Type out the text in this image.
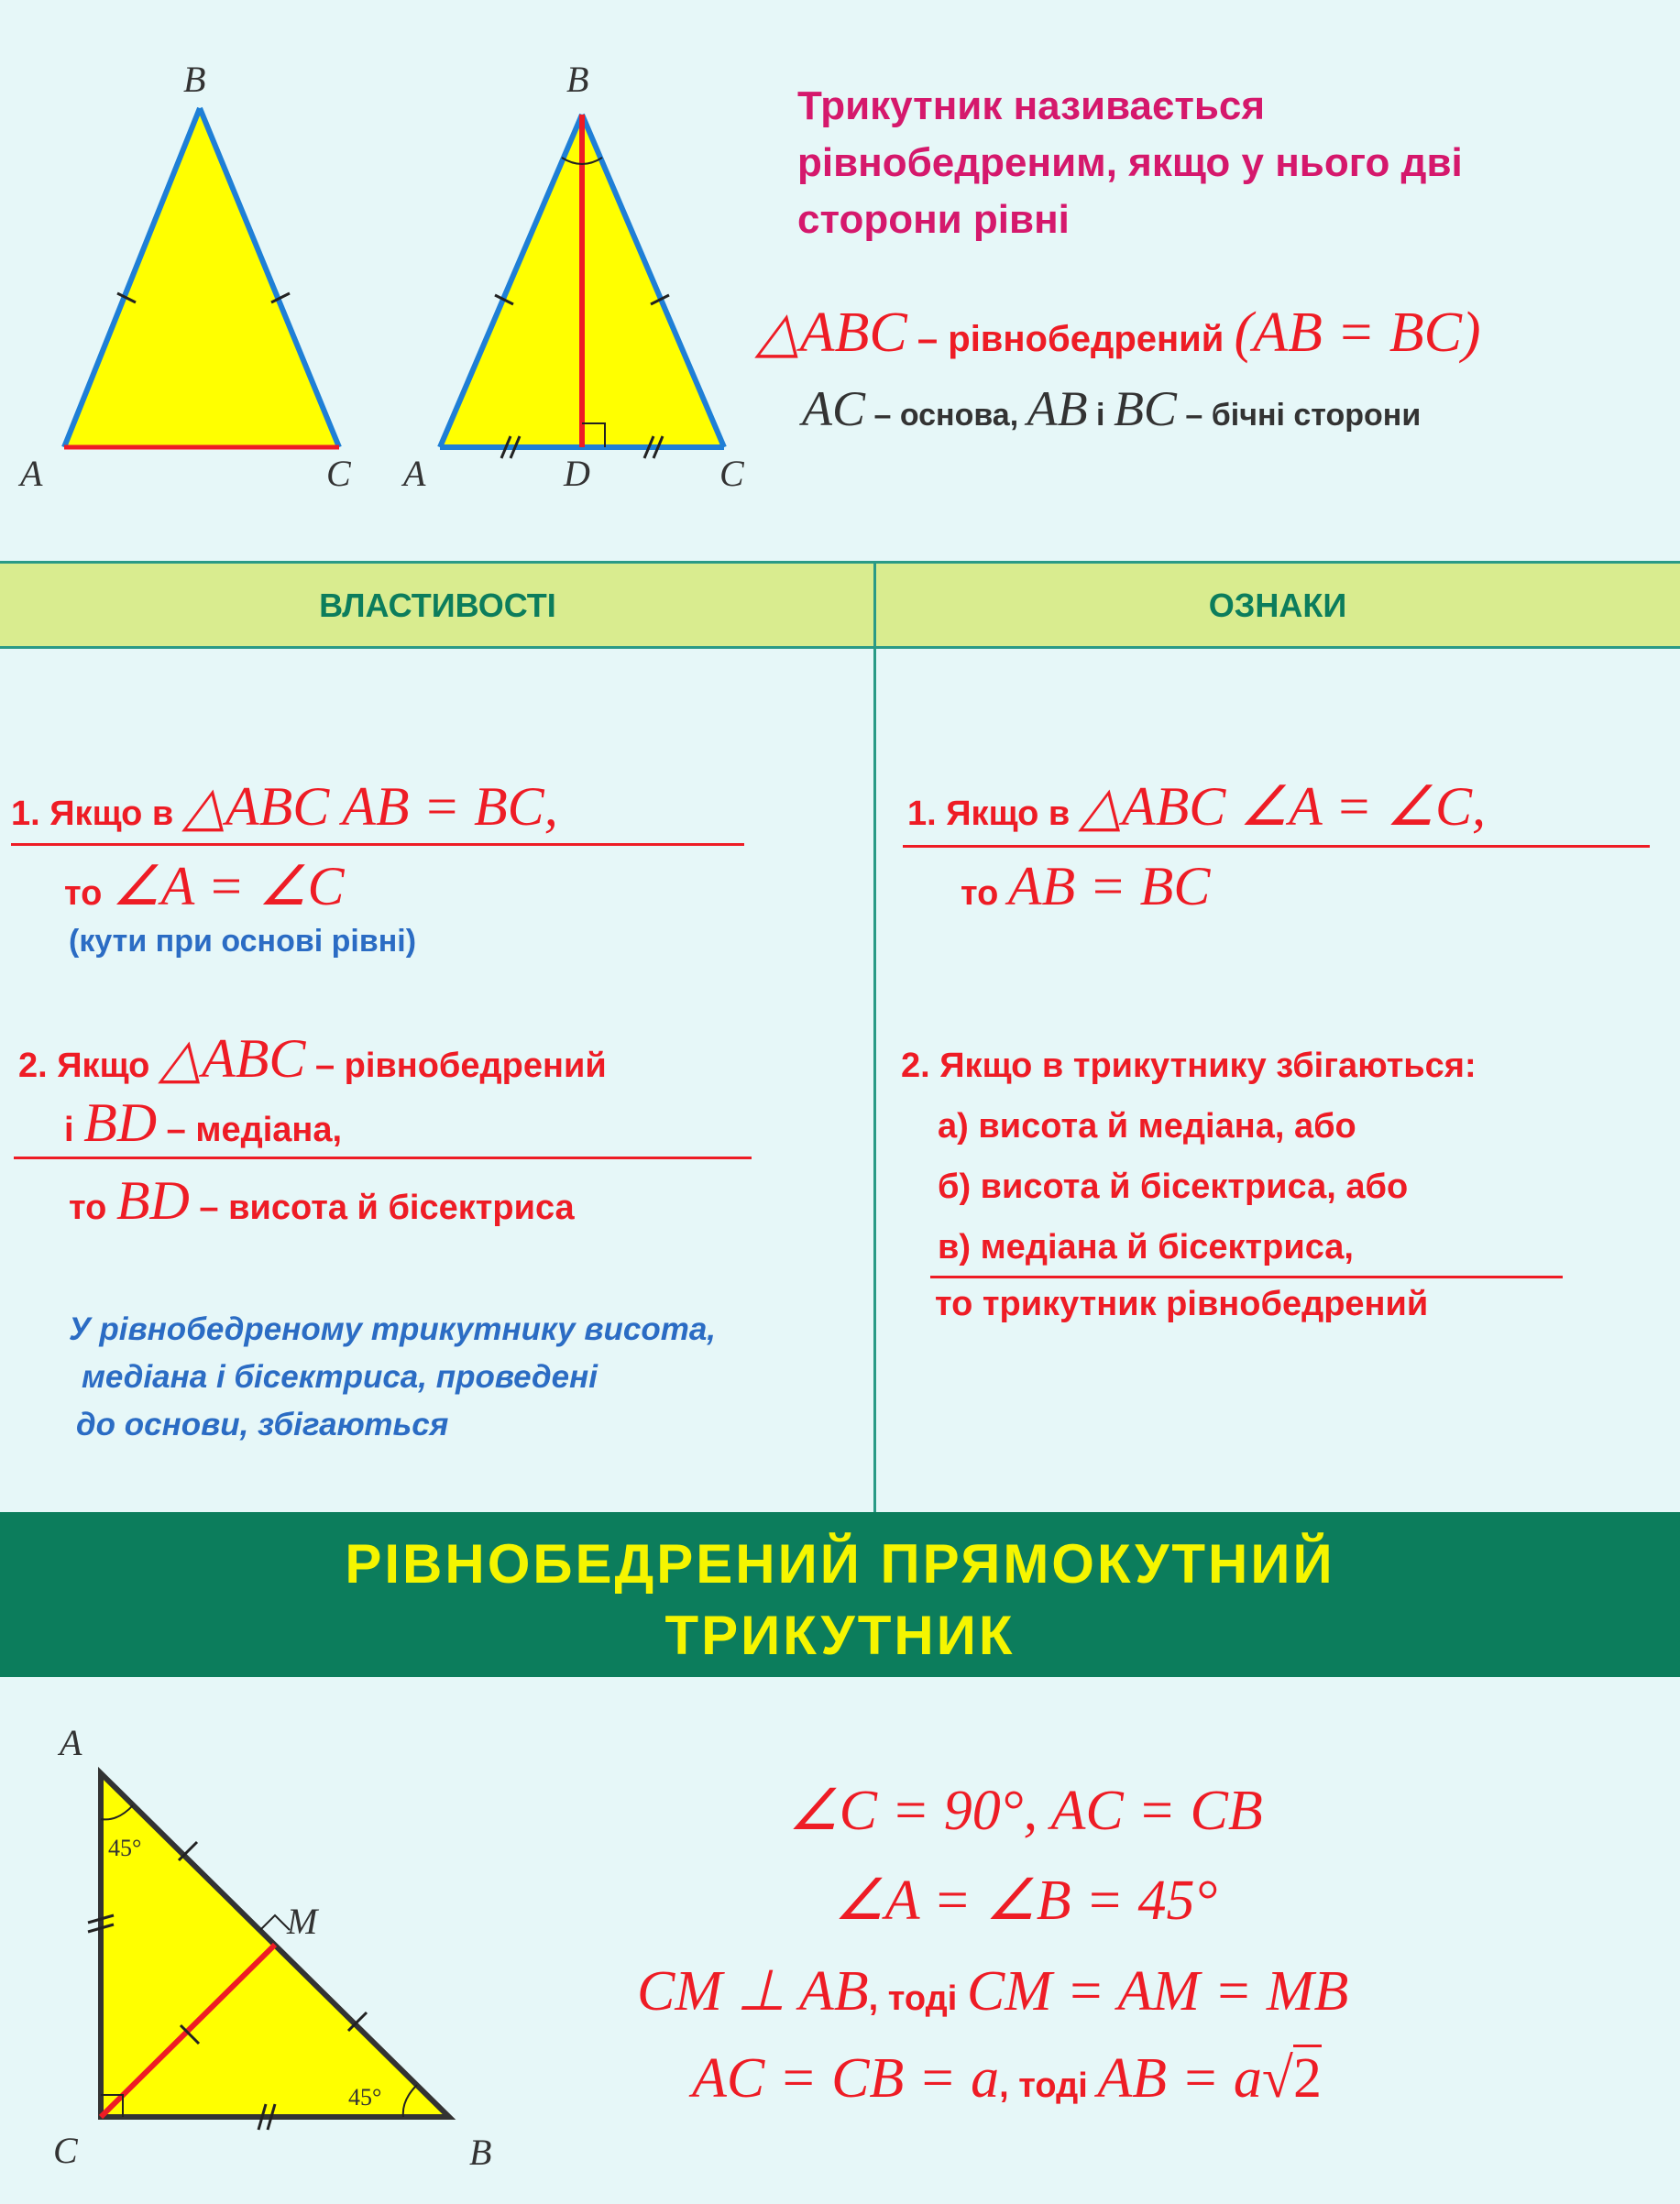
B
A	C
B
A	D	C
Трикутник називається
рівнобедреним, якщо у нього дві
сторони рівні
△ABC – рівнобедрений (AB = BC)
AC – основа, AB і BC – бічні сторони
ВЛАСТИВОСТІ	ОЗНАКИ
1. Якщо в △ABC AB = BC,
то ∠A = ∠C
(кути при основі рівні)
2. Якщо △ABC – рівнобедрений
і BD – медіана,
то BD – висота й бісектриса
У рівнобедреному трикутнику висота,
медіана і бісектриса, проведені
до основи, збігаються
1. Якщо в △ABC ∠A = ∠C,
то AB = BC
2. Якщо в трикутнику збігаються:
а) висота й медіана, або
б) висота й бісектриса, або
в) медіана й бісектриса,
то трикутник рівнобедрений
РІВНОБЕДРЕНИЙ ПРЯМОКУТНИЙ
ТРИКУТНИК
45°
45°
A
M
C	B
∠C = 90°, AC = CB
∠A = ∠B = 45°
CM ⊥ AB, тоді CM = AM = MB
AC = CB = a, тоді AB = a√2
